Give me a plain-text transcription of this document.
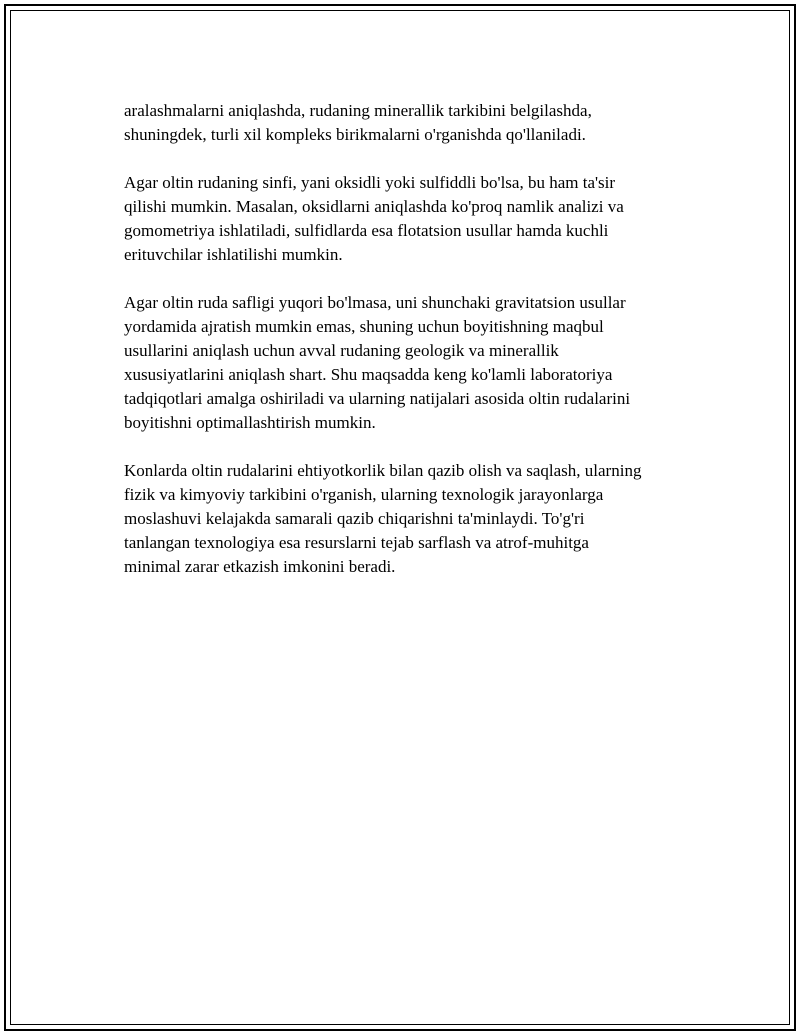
aralashmalarni aniqlashda, rudaning minerallik tarkibini belgilashda,
shuningdek, turli xil kompleks birikmalarni o'rganishda qo'llaniladi.

Agar oltin rudaning sinfi, yani oksidli yoki sulfiddli bo'lsa, bu ham ta'sir
qilishi mumkin. Masalan, oksidlarni aniqlashda ko'proq namlik analizi va
gomometriya ishlatiladi, sulfidlarda esa flotatsion usullar hamda kuchli
erituvchilar ishlatilishi mumkin.

Agar oltin ruda safligi yuqori bo'lmasa, uni shunchaki gravitatsion usullar
yordamida ajratish mumkin emas, shuning uchun boyitishning maqbul
usullarini aniqlash uchun avval rudaning geologik va minerallik
xususiyatlarini aniqlash shart. Shu maqsadda keng ko'lamli laboratoriya
tadqiqotlari amalga oshiriladi va ularning natijalari asosida oltin rudalarini
boyitishni optimallashtirish mumkin.

Konlarda oltin rudalarini ehtiyotkorlik bilan qazib olish va saqlash, ularning
fizik va kimyoviy tarkibini o'rganish, ularning texnologik jarayonlarga
moslashuvi kelajakda samarali qazib chiqarishni ta'minlaydi. To'g'ri
tanlangan texnologiya esa resurslarni tejab sarflash va atrof-muhitga
minimal zarar etkazish imkonini beradi.
